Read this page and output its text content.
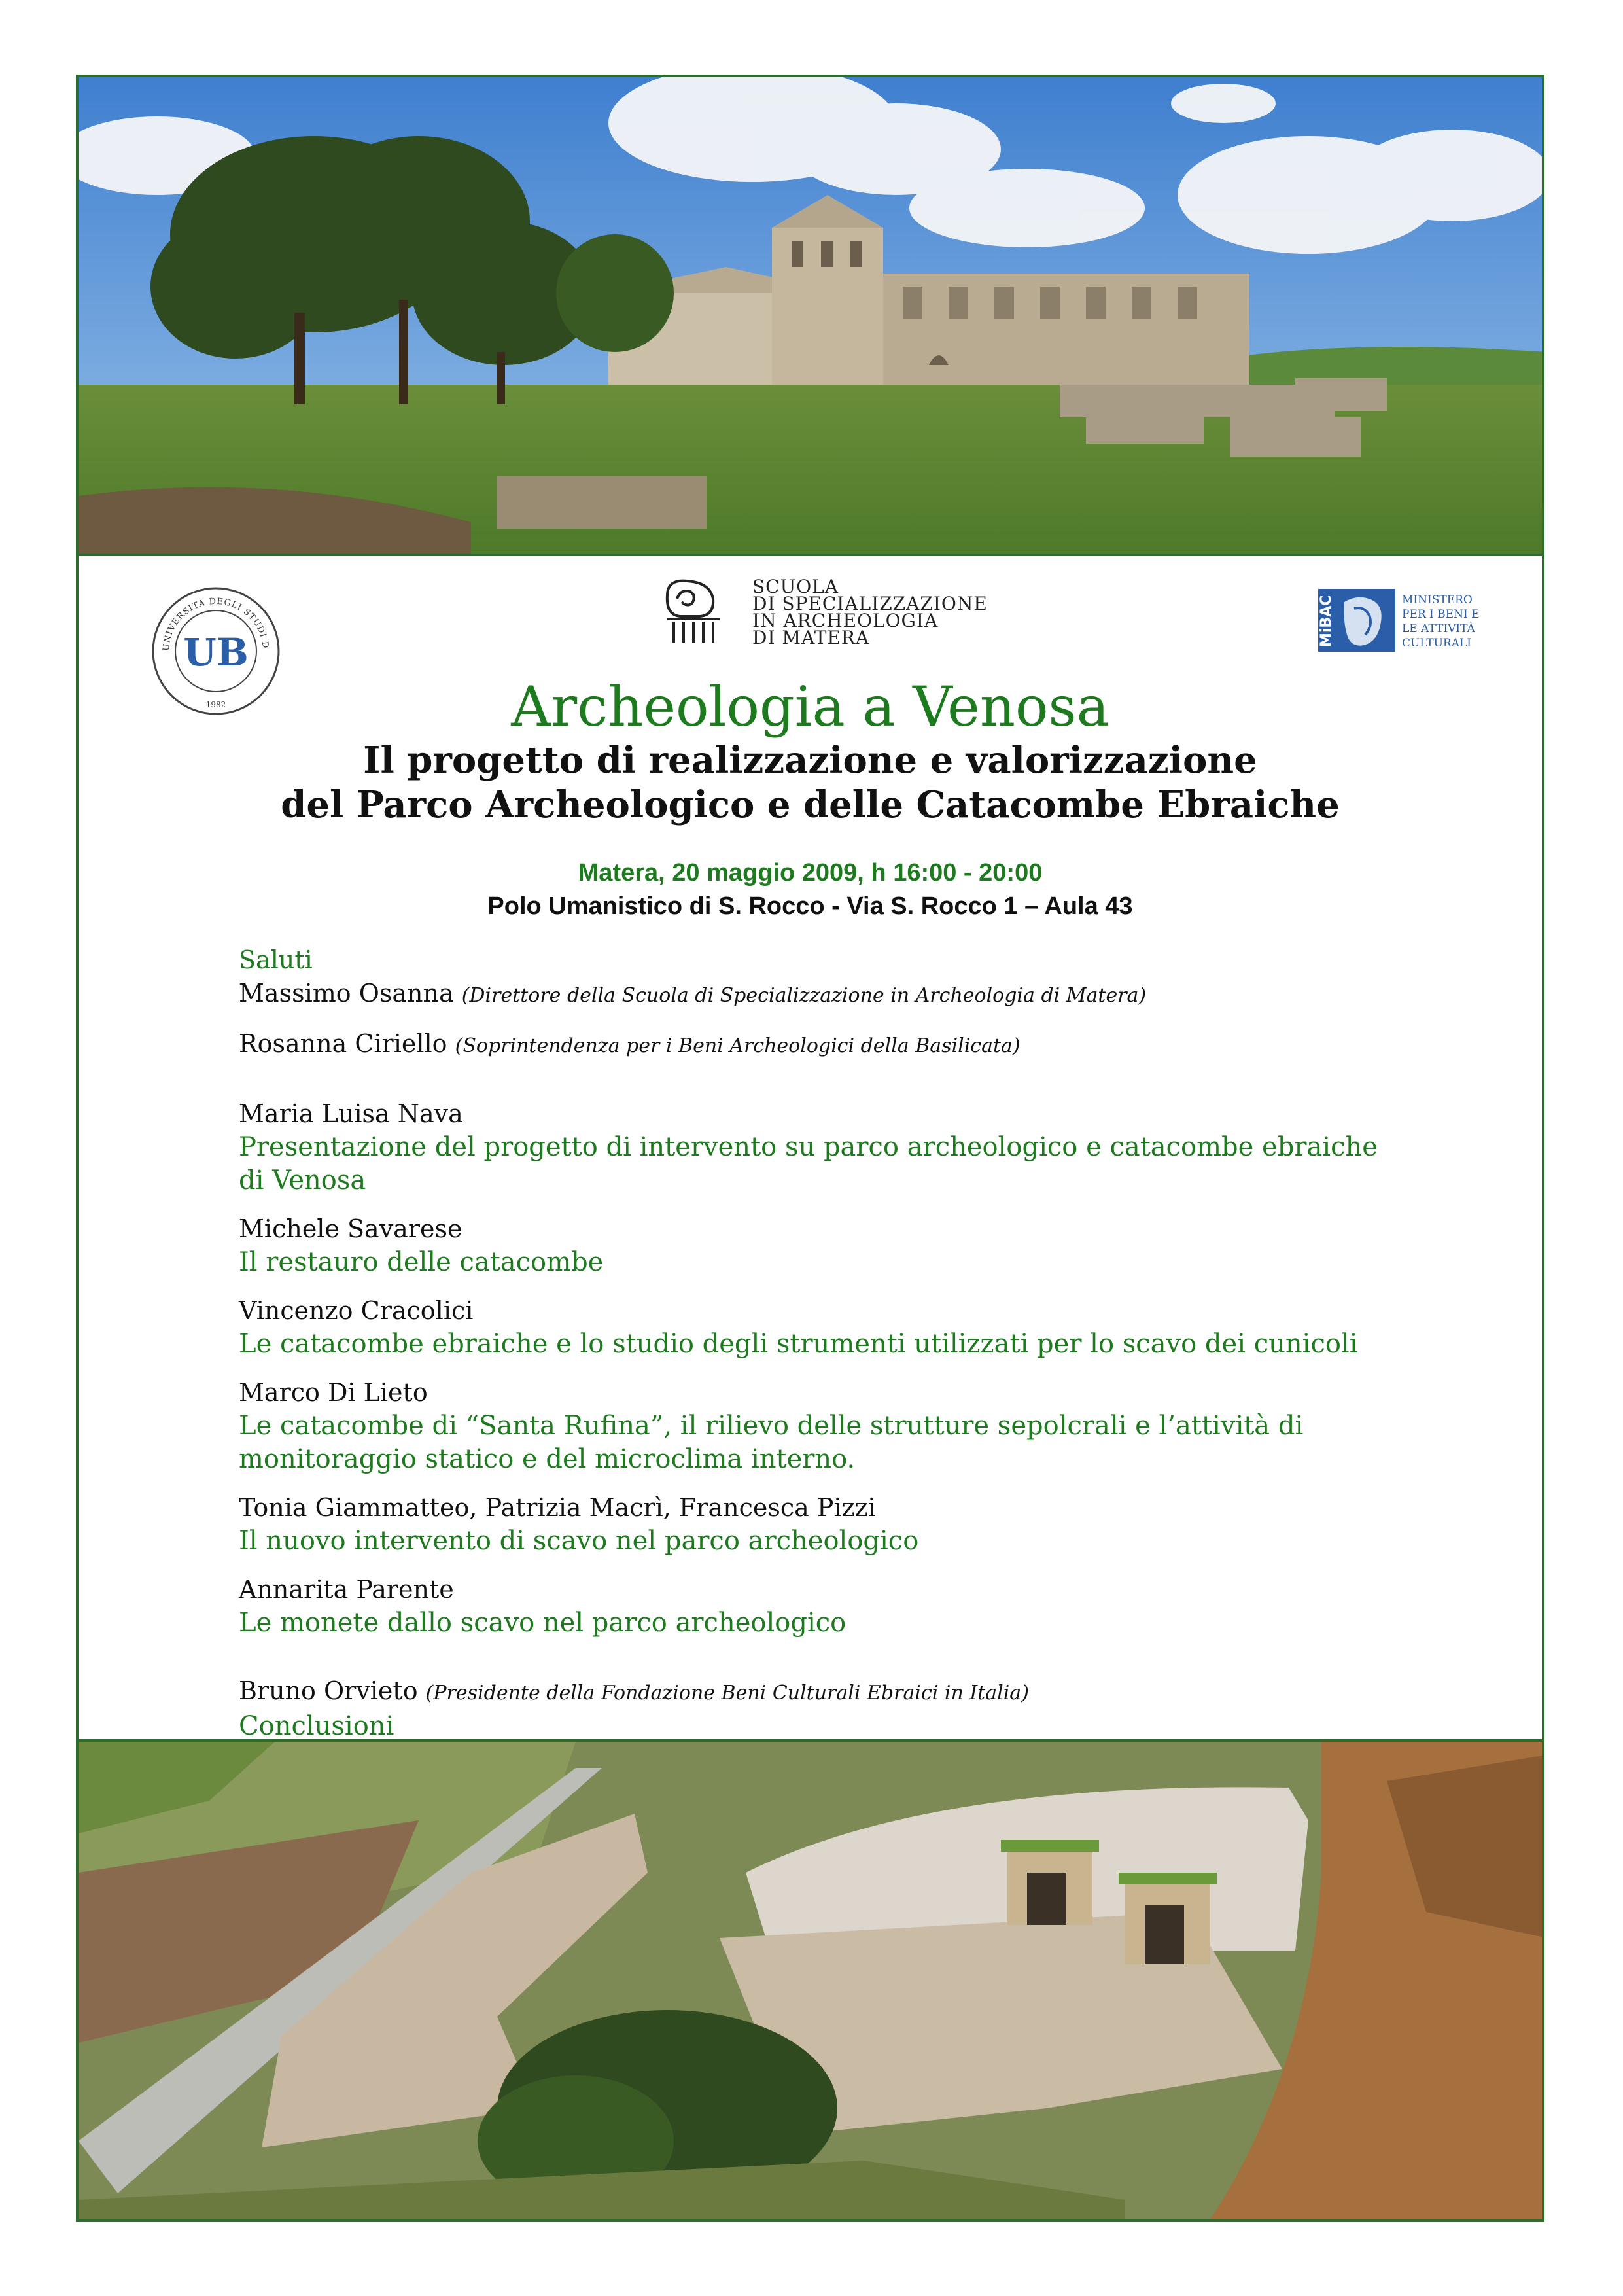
UNIVERSITÀ DEGLI STUDI D
1982
UB
SCUOLA
DI SPECIALIZZAZIONE
IN ARCHEOLOGIA
DI MATERA	MiBAC	MINISTERO
PER I BENI E
LE ATTIVITÀ
CULTURALI
Archeologia a Venosa
Il progetto di realizzazione e valorizzazione
del Parco Archeologico e delle Catacombe Ebraiche
Matera, 20 maggio 2009, h 16:00 - 20:00
Polo Umanistico di S. Rocco - Via S. Rocco 1 – Aula 43
Saluti
Massimo Osanna (Direttore della Scuola di Specializzazione in Archeologia di Matera)
Rosanna Ciriello (Soprintendenza per i Beni Archeologici della Basilicata)
Maria Luisa Nava
Presentazione del progetto di intervento su parco archeologico e catacombe ebraiche
di Venosa
Michele Savarese
Il restauro delle catacombe
Vincenzo Cracolici
Le catacombe ebraiche e lo studio degli strumenti utilizzati per lo scavo dei cunicoli
Marco Di Lieto
Le catacombe di “Santa Rufina”, il rilievo delle strutture sepolcrali e l’attività di
monitoraggio statico e del microclima interno.
Tonia Giammatteo, Patrizia Macrì, Francesca Pizzi
Il nuovo intervento di scavo nel parco archeologico
Annarita Parente
Le monete dallo scavo nel parco archeologico
Bruno Orvieto (Presidente della Fondazione Beni Culturali Ebraici in Italia)
Conclusioni
